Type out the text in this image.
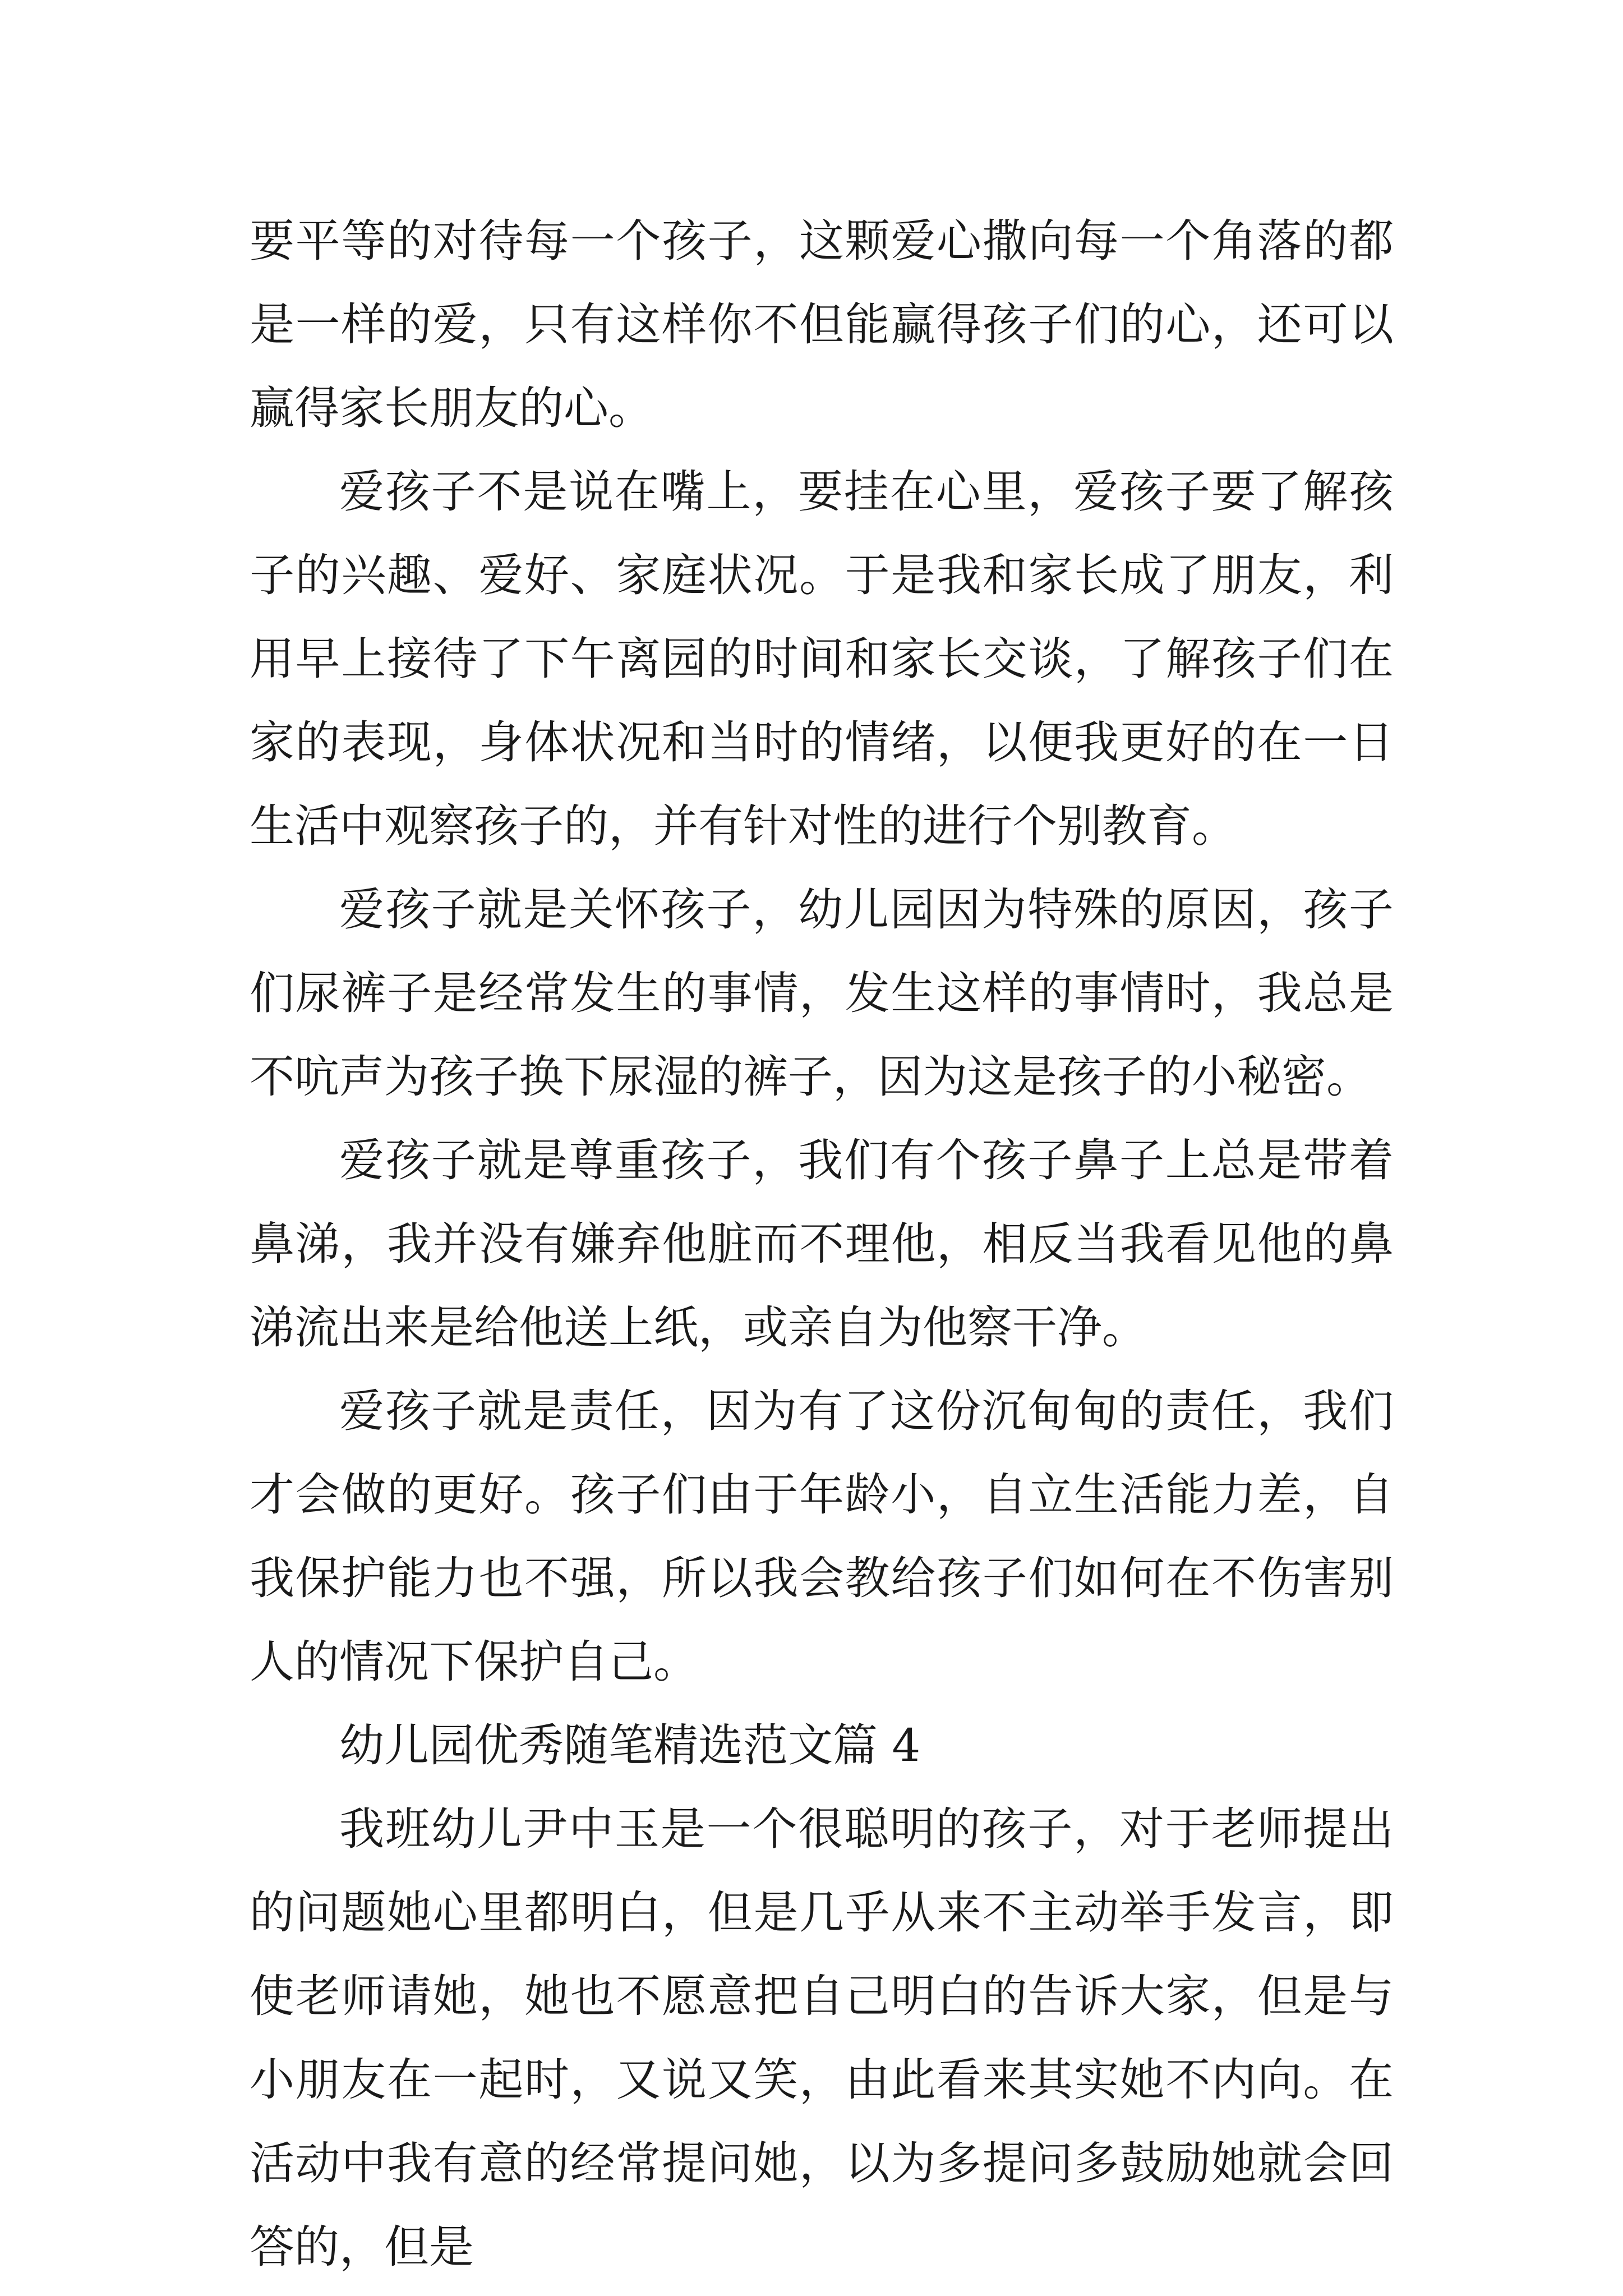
要平等的对待每一个孩子，这颗爱心撒向每一个角落的都是一样的爱，只有这样你不但能赢得孩子们的心，还可以赢得家长朋友的心。

爱孩子不是说在嘴上，要挂在心里，爱孩子要了解孩子的兴趣、爱好、家庭状况。于是我和家长成了朋友，利用早上接待了下午离园的时间和家长交谈，了解孩子们在家的表现，身体状况和当时的情绪，以便我更好的在一日生活中观察孩子的，并有针对性的进行个别教育。

爱孩子就是关怀孩子，幼儿园因为特殊的原因，孩子们尿裤子是经常发生的事情，发生这样的事情时，我总是不吭声为孩子换下尿湿的裤子，因为这是孩子的小秘密。

爱孩子就是尊重孩子，我们有个孩子鼻子上总是带着鼻涕，我并没有嫌弃他脏而不理他，相反当我看见他的鼻涕流出来是给他送上纸，或亲自为他察干净。

爱孩子就是责任，因为有了这份沉甸甸的责任，我们才会做的更好。孩子们由于年龄小，自立生活能力差，自我保护能力也不强，所以我会教给孩子们如何在不伤害别人的情况下保护自己。

幼儿园优秀随笔精选范文篇 4

我班幼儿尹中玉是一个很聪明的孩子，对于老师提出的问题她心里都明白，但是几乎从来不主动举手发言，即使老师请她，她也不愿意把自己明白的告诉大家，但是与小朋友在一起时，又说又笑，由此看来其实她不内向。在活动中我有意的经常提问她，以为多提问多鼓励她就会回答的，但是
